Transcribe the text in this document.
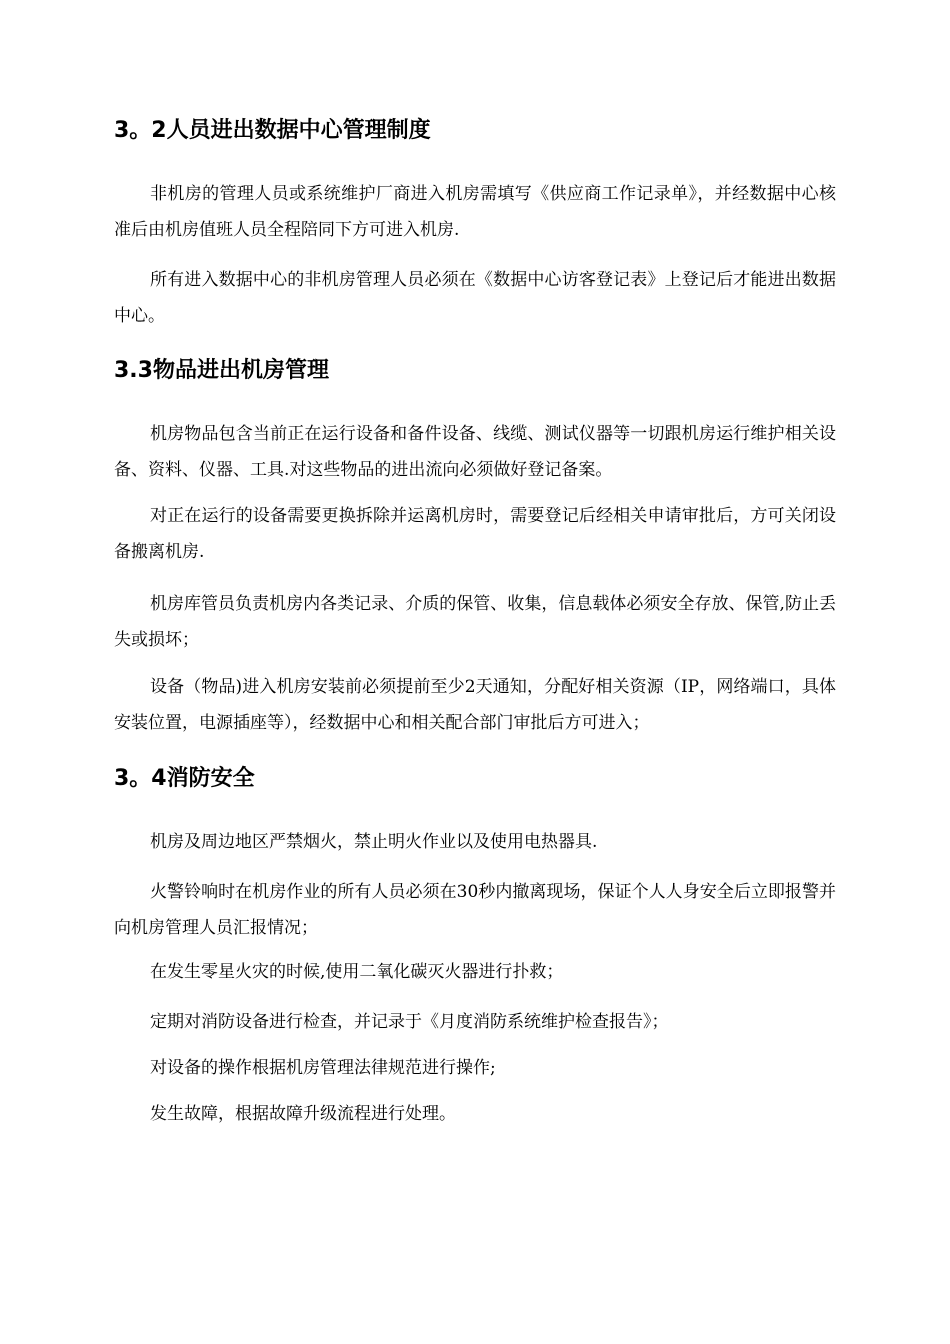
3。2人员进出数据中心管理制度
非机房的管理人员或系统维护厂商进入机房需填写《供应商工作记录单》，并经数据中心核准后由机房值班人员全程陪同下方可进入机房.
所有进入数据中心的非机房管理人员必须在《数据中心访客登记表》上登记后才能进出数据中心。
3.3物品进出机房管理
机房物品包含当前正在运行设备和备件设备、线缆、测试仪器等一切跟机房运行维护相关设备、资料、仪器、工具.对这些物品的进出流向必须做好登记备案。
对正在运行的设备需要更换拆除并运离机房时，需要登记后经相关申请审批后，方可关闭设备搬离机房.
机房库管员负责机房内各类记录、介质的保管、收集，信息载体必须安全存放、保管,防止丢失或损坏；
设备（物品)进入机房安装前必须提前至少2天通知，分配好相关资源（IP，网络端口，具体安装位置，电源插座等），经数据中心和相关配合部门审批后方可进入；
3。4消防安全
机房及周边地区严禁烟火，禁止明火作业以及使用电热器具.
火警铃响时在机房作业的所有人员必须在30秒内撤离现场，保证个人人身安全后立即报警并向机房管理人员汇报情况；
在发生零星火灾的时候,使用二氧化碳灭火器进行扑救；
定期对消防设备进行检查，并记录于《月度消防系统维护检查报告》；
对设备的操作根据机房管理法律规范进行操作;
发生故障，根据故障升级流程进行处理。
